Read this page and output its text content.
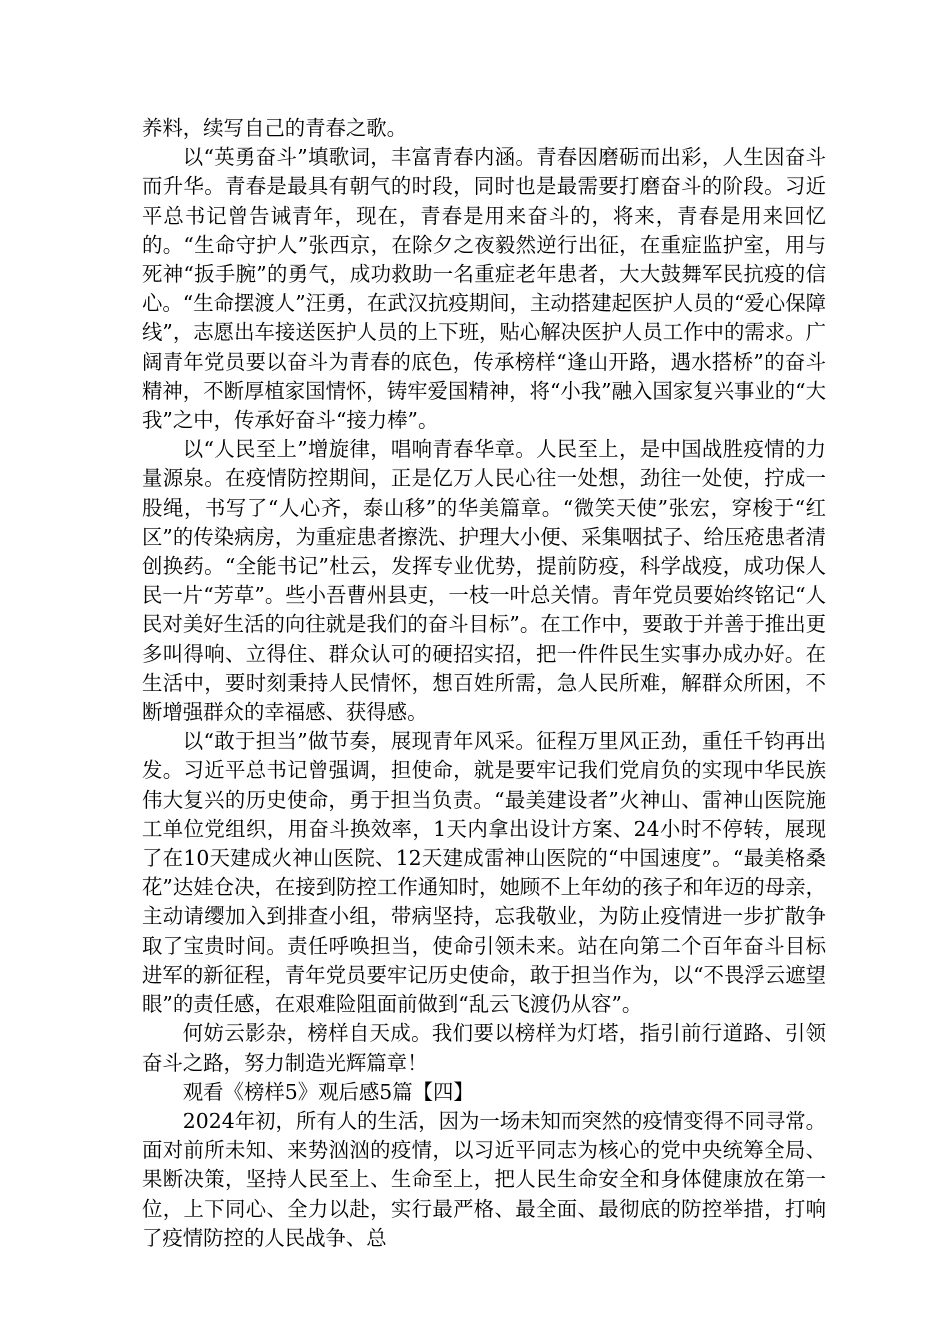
养料，续写自己的青春之歌。

以“英勇奋斗”填歌词，丰富青春内涵。青春因磨砺而出彩，人生因奋斗而升华。青春是最具有朝气的时段，同时也是最需要打磨奋斗的阶段。习近平总书记曾告诫青年，现在，青春是用来奋斗的，将来，青春是用来回忆的。“生命守护人”张西京，在除夕之夜毅然逆行出征，在重症监护室，用与死神“扳手腕”的勇气，成功救助一名重症老年患者，大大鼓舞军民抗疫的信心。“生命摆渡人”汪勇，在武汉抗疫期间，主动搭建起医护人员的“爱心保障线”，志愿出车接送医护人员的上下班，贴心解决医护人员工作中的需求。广阔青年党员要以奋斗为青春的底色，传承榜样“逢山开路，遇水搭桥”的奋斗精神，不断厚植家国情怀，铸牢爱国精神，将“小我”融入国家复兴事业的“大我”之中，传承好奋斗“接力棒”。

以“人民至上”增旋律，唱响青春华章。人民至上，是中国战胜疫情的力量源泉。在疫情防控期间，正是亿万人民心往一处想，劲往一处使，拧成一股绳，书写了“人心齐，泰山移”的华美篇章。“微笑天使”张宏，穿梭于“红区”的传染病房，为重症患者擦洗、护理大小便、采集咽拭子、给压疮患者清创换药。“全能书记”杜云，发挥专业优势，提前防疫，科学战疫，成功保人民一片“芳草”。些小吾曹州县吏，一枝一叶总关情。青年党员要始终铭记“人民对美好生活的向往就是我们的奋斗目标”。在工作中，要敢于并善于推出更多叫得响、立得住、群众认可的硬招实招，把一件件民生实事办成办好。在生活中，要时刻秉持人民情怀，想百姓所需，急人民所难，解群众所困，不断增强群众的幸福感、获得感。

以“敢于担当”做节奏，展现青年风采。征程万里风正劲，重任千钧再出发。习近平总书记曾强调，担使命，就是要牢记我们党肩负的实现中华民族伟大复兴的历史使命，勇于担当负责。“最美建设者”火神山、雷神山医院施工单位党组织，用奋斗换效率，1天内拿出设计方案、24小时不停转，展现了在10天建成火神山医院、12天建成雷神山医院的“中国速度”。“最美格桑花”达娃仓决，在接到防控工作通知时，她顾不上年幼的孩子和年迈的母亲，主动请缨加入到排查小组，带病坚持，忘我敬业，为防止疫情进一步扩散争取了宝贵时间。责任呼唤担当，使命引领未来。站在向第二个百年奋斗目标进军的新征程，青年党员要牢记历史使命，敢于担当作为，以“不畏浮云遮望眼”的责任感，在艰难险阻面前做到“乱云飞渡仍从容”。

何妨云影杂，榜样自天成。我们要以榜样为灯塔，指引前行道路、引领奋斗之路，努力制造光辉篇章！

观看《榜样5》观后感5篇【四】

2024年初，所有人的生活，因为一场未知而突然的疫情变得不同寻常。面对前所未知、来势汹汹的疫情，以习近平同志为核心的党中央统筹全局、果断决策，坚持人民至上、生命至上，把人民生命安全和身体健康放在第一位，上下同心、全力以赴，实行最严格、最全面、最彻底的防控举措，打响了疫情防控的人民战争、总
